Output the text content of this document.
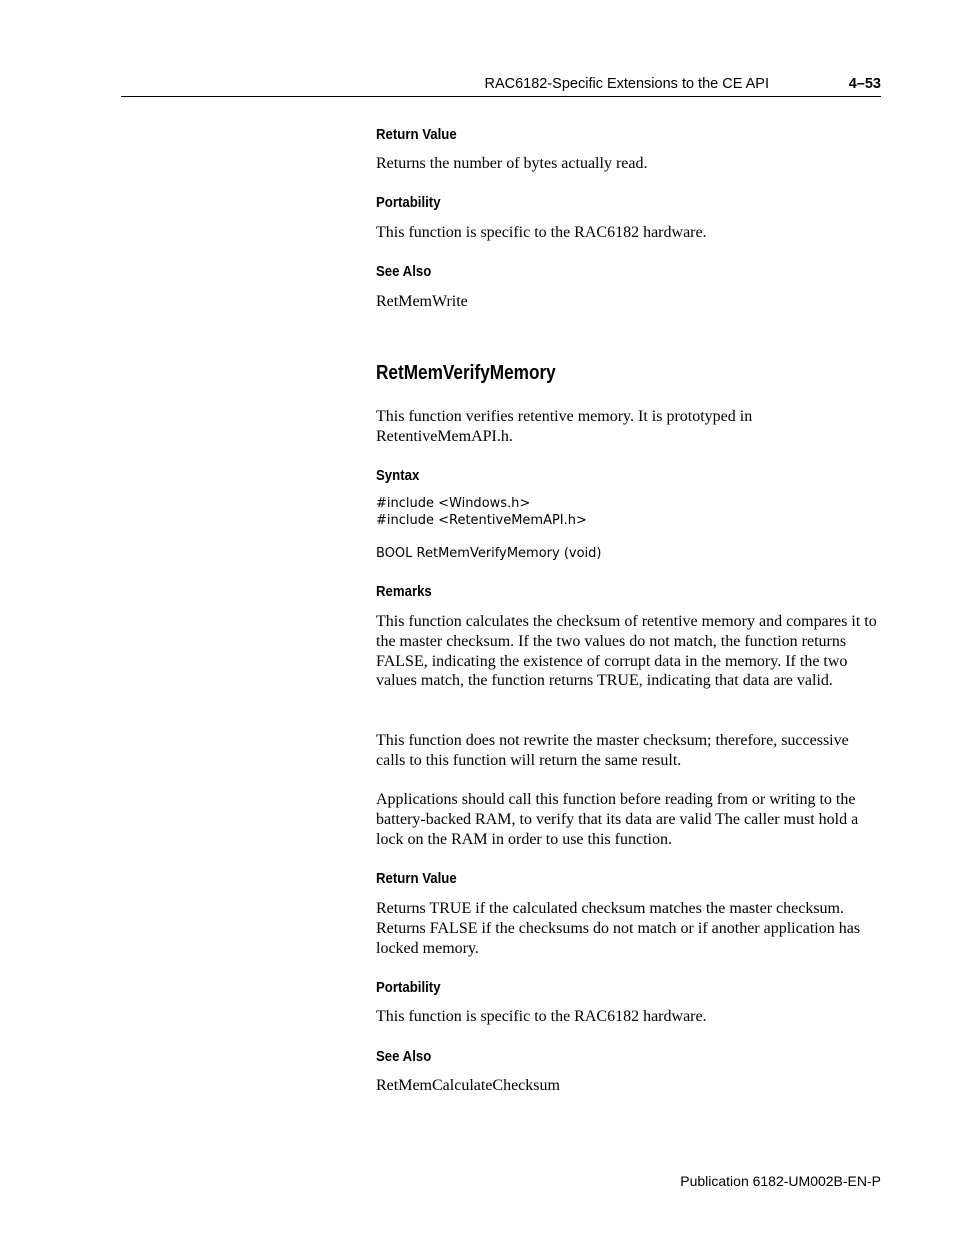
RAC6182-Specific Extensions to the CE API	4–53
Return Value
Returns the number of bytes actually read.
Portability
This function is specific to the RAC6182 hardware.
See Also
RetMemWrite
RetMemVerifyMemory
This function verifies retentive memory. It is prototyped in RetentiveMemAPI.h.
Syntax
#include <Windows.h>
#include <RetentiveMemAPI.h>
BOOL RetMemVerifyMemory (void)
Remarks
This function calculates the checksum of retentive memory and compares it to the master checksum. If the two values do not match, the function returns FALSE, indicating the existence of corrupt data in the memory. If the two values match, the function returns TRUE, indicating that data are valid.
This function does not rewrite the master checksum; therefore, successive calls to this function will return the same result.
Applications should call this function before reading from or writing to the battery-backed RAM, to verify that its data are valid The caller must hold a lock on the RAM in order to use this function.
Return Value
Returns TRUE if the calculated checksum matches the master checksum. Returns FALSE if the checksums do not match or if another application has locked memory.
Portability
This function is specific to the RAC6182 hardware.
See Also
RetMemCalculateChecksum
Publication 6182-UM002B-EN-P
